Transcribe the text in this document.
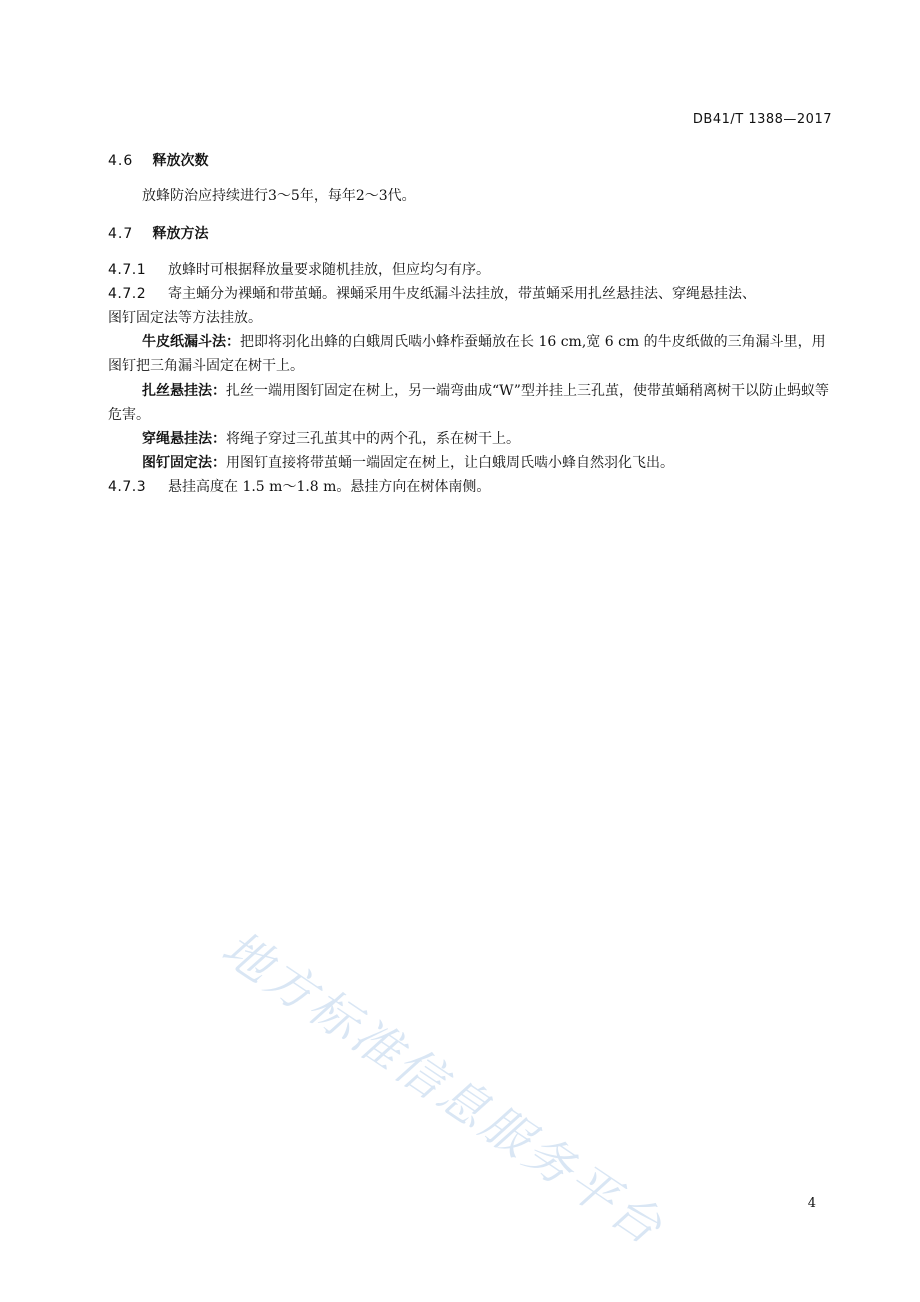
DB41/T 1388—2017
4.6 释放次数
放蜂防治应持续进行3～5年，每年2～3代。
4.7 释放方法
4.7.1 放蜂时可根据释放量要求随机挂放，但应均匀有序。
4.7.2 寄主蛹分为裸蛹和带茧蛹。裸蛹采用牛皮纸漏斗法挂放，带茧蛹采用扎丝悬挂法、穿绳悬挂法、
图钉固定法等方法挂放。
牛皮纸漏斗法：把即将羽化出蜂的白蛾周氏啮小蜂柞蚕蛹放在长 16 cm,宽 6 cm 的牛皮纸做的三角漏斗里，用图钉把三角漏斗固定在树干上。
扎丝悬挂法：扎丝一端用图钉固定在树上，另一端弯曲成“W”型并挂上三孔茧，使带茧蛹稍离树干以防止蚂蚁等危害。
穿绳悬挂法：将绳子穿过三孔茧其中的两个孔，系在树干上。
图钉固定法：用图钉直接将带茧蛹一端固定在树上，让白蛾周氏啮小蜂自然羽化飞出。
4.7.3 悬挂高度在 1.5 m～1.8 m。悬挂方向在树体南侧。
地方标准信息服务平台	4
